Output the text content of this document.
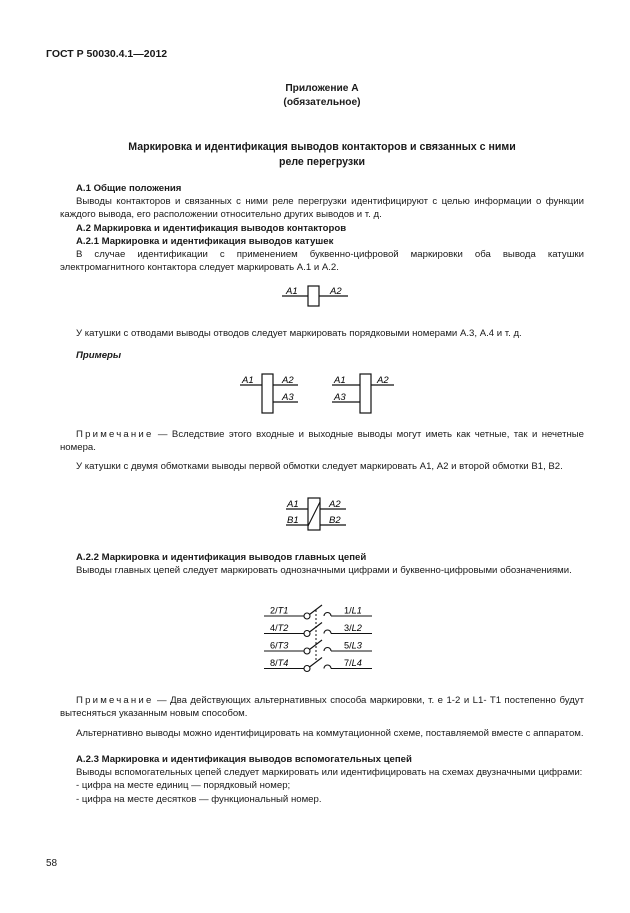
ГОСТ Р 50030.4.1—2012
Приложение А
(обязательное)
Маркировка и идентификация выводов контакторов и связанных с ними
реле перегрузки

А.1 Общие положения

Выводы контакторов и связанных с ними реле перегрузки идентифицируют с целью информации о функции каждого вывода, его расположении относительно других выводов и т. д.

А.2 Маркировка и идентификация выводов контакторов

А.2.1 Маркировка и идентификация выводов катушек

В случае идентификации с применением буквенно-цифровой маркировки оба вывода катушки электромагнитного контактора следует маркировать А.1 и А.2.

A1	A2

У катушки с отводами выводы отводов следует маркировать порядковыми номерами А.3, А.4 и т. д.

Примеры

A1	A2
A3
A1	A2
A3

Примечание — Вследствие этого входные и выходные выводы могут иметь как четные, так и нечетные номера.

У катушки с двумя обмотками выводы первой обмотки следует маркировать А1, А2 и второй обмотки В1, В2.

A1	A2
B1	B2

А.2.2 Маркировка и идентификация выводов главных цепей

Выводы главных цепей следует маркировать однозначными цифрами и буквенно-цифровыми обозначениями.

2/T1	1/L1
4/T2	3/L2
6/T3	5/L3
8/T4	7/L4

Примечание — Два действующих альтернативных способа маркировки, т. е 1-2 и L1- T1 постепенно будут вытесняться указанным новым способом.

Альтернативно выводы можно идентифицировать на коммутационной схеме, поставляемой вместе с аппаратом.

А.2.3 Маркировка и идентификация выводов вспомогательных цепей

Выводы вспомогательных цепей следует маркировать или идентифицировать на схемах двузначными цифрами:

- цифра на месте единиц — порядковый номер;

- цифра на месте десятков — функциональный номер.

58
